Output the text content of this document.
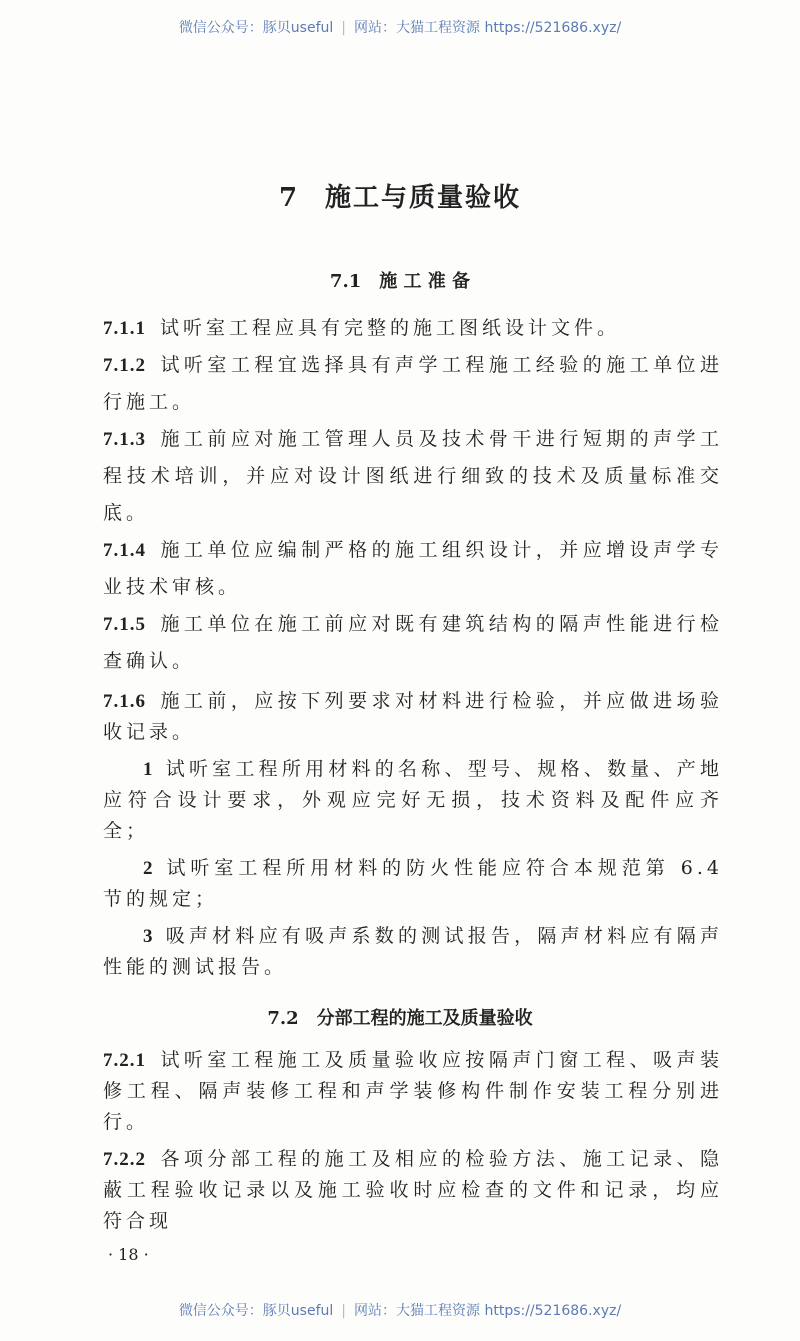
微信公众号：豚贝useful | 网站：大猫工程资源 https://521686.xyz/
7 施工与质量验收
7.1 施 工 准 备
7.1.1 试听室工程应具有完整的施工图纸设计文件。
7.1.2 试听室工程宜选择具有声学工程施工经验的施工单位进行施工。
7.1.3 施工前应对施工管理人员及技术骨干进行短期的声学工程技术培训，并应对设计图纸进行细致的技术及质量标准交底。
7.1.4 施工单位应编制严格的施工组织设计，并应增设声学专业技术审核。
7.1.5 施工单位在施工前应对既有建筑结构的隔声性能进行检查确认。
7.1.6 施工前，应按下列要求对材料进行检验，并应做进场验收记录。
1 试听室工程所用材料的名称、型号、规格、数量、产地应符合设计要求，外观应完好无损，技术资料及配件应齐全；
2 试听室工程所用材料的防火性能应符合本规范第 6.4 节的规定；
3 吸声材料应有吸声系数的测试报告，隔声材料应有隔声性能的测试报告。
7.2 分部工程的施工及质量验收
7.2.1 试听室工程施工及质量验收应按隔声门窗工程、吸声装修工程、隔声装修工程和声学装修构件制作安装工程分别进行。
7.2.2 各项分部工程的施工及相应的检验方法、施工记录、隐蔽工程验收记录以及施工验收时应检查的文件和记录，均应符合现
· 18 ·
微信公众号：豚贝useful | 网站：大猫工程资源 https://521686.xyz/
